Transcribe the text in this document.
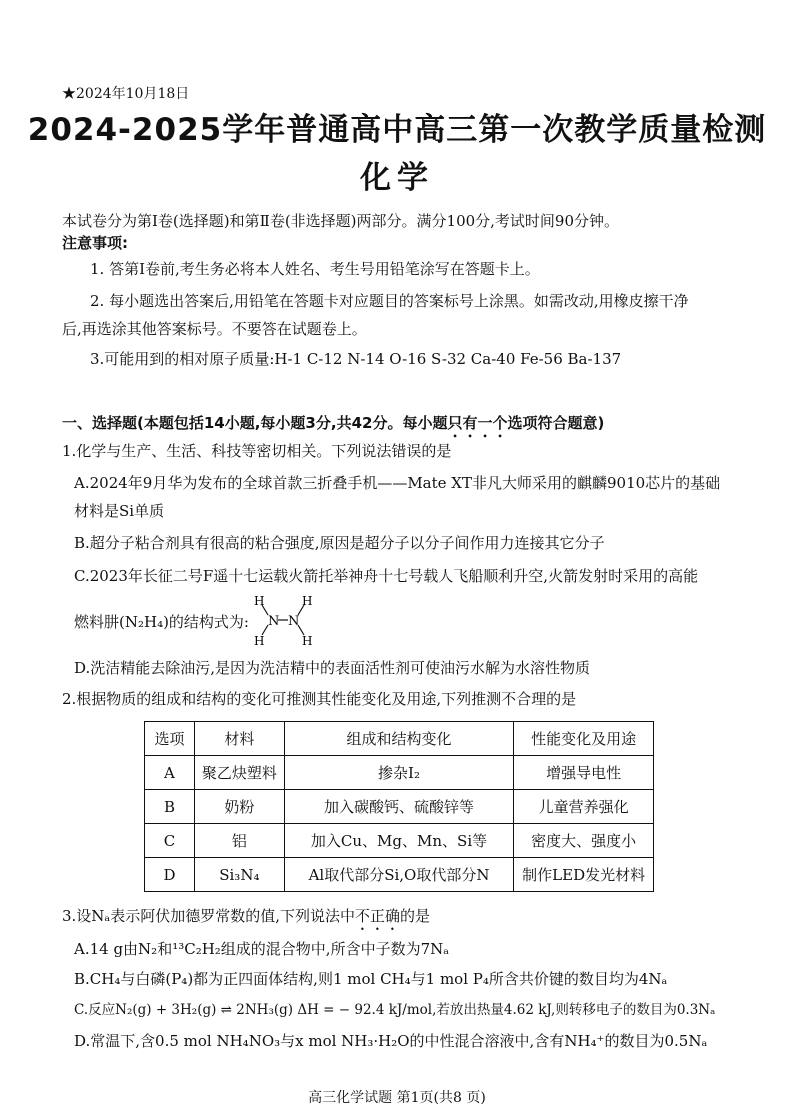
★2024年10月18日
2024-2025学年普通高中高三第一次教学质量检测
化学
本试卷分为第Ⅰ卷(选择题)和第Ⅱ卷(非选择题)两部分。满分100分,考试时间90分钟。
注意事项:
1. 答第Ⅰ卷前,考生务必将本人姓名、考生号用铅笔涂写在答题卡上。
2. 每小题选出答案后,用铅笔在答题卡对应题目的答案标号上涂黑。如需改动,用橡皮擦干净
后,再选涂其他答案标号。不要答在试题卷上。
3.可能用到的相对原子质量:H-1 C-12 N-14 O-16 S-32 Ca-40 Fe-56 Ba-137
一、选择题(本题包括14小题,每小题3分,共42分。每小题只有一个选项符合题意)
1.化学与生产、生活、科技等密切相关。下列说法错误的是
A.2024年9月华为发布的全球首款三折叠手机——Mate XT非凡大师采用的麒麟9010芯片的基础
材料是Si单质
B.超分子粘合剂具有很高的粘合强度,原因是超分子以分子间作用力连接其它分子
C.2023年长征二号F遥十七运载火箭托举神舟十七号载人飞船顺利升空,火箭发射时采用的高能
燃料肼(N₂H₄)的结构式为:
H
H
N N
H
H
D.洗洁精能去除油污,是因为洗洁精中的表面活性剂可使油污水解为水溶性物质
2.根据物质的组成和结构的变化可推测其性能变化及用途,下列推测不合理的是
选项	材料	组成和结构变化	性能变化及用途
A	聚乙炔塑料	掺杂I₂	增强导电性
B	奶粉	加入碳酸钙、硫酸锌等	儿童营养强化
C	铝	加入Cu、Mg、Mn、Si等	密度大、强度小
D	Si₃N₄	Al取代部分Si,O取代部分N	制作LED发光材料
3.设Nₐ表示阿伏加德罗常数的值,下列说法中不正确的是
A.14 g由N₂和¹³C₂H₂组成的混合物中,所含中子数为7Nₐ
B.CH₄与白磷(P₄)都为正四面体结构,则1 mol CH₄与1 mol P₄所含共价键的数目均为4Nₐ
C.反应N₂(g) + 3H₂(g) ⇌ 2NH₃(g) ΔH = − 92.4 kJ/mol,若放出热量4.62 kJ,则转移电子的数目为0.3Nₐ
D.常温下,含0.5 mol NH₄NO₃与x mol NH₃·H₂O的中性混合溶液中,含有NH₄⁺的数目为0.5Nₐ
高三化学试题 第1页(共8 页)
